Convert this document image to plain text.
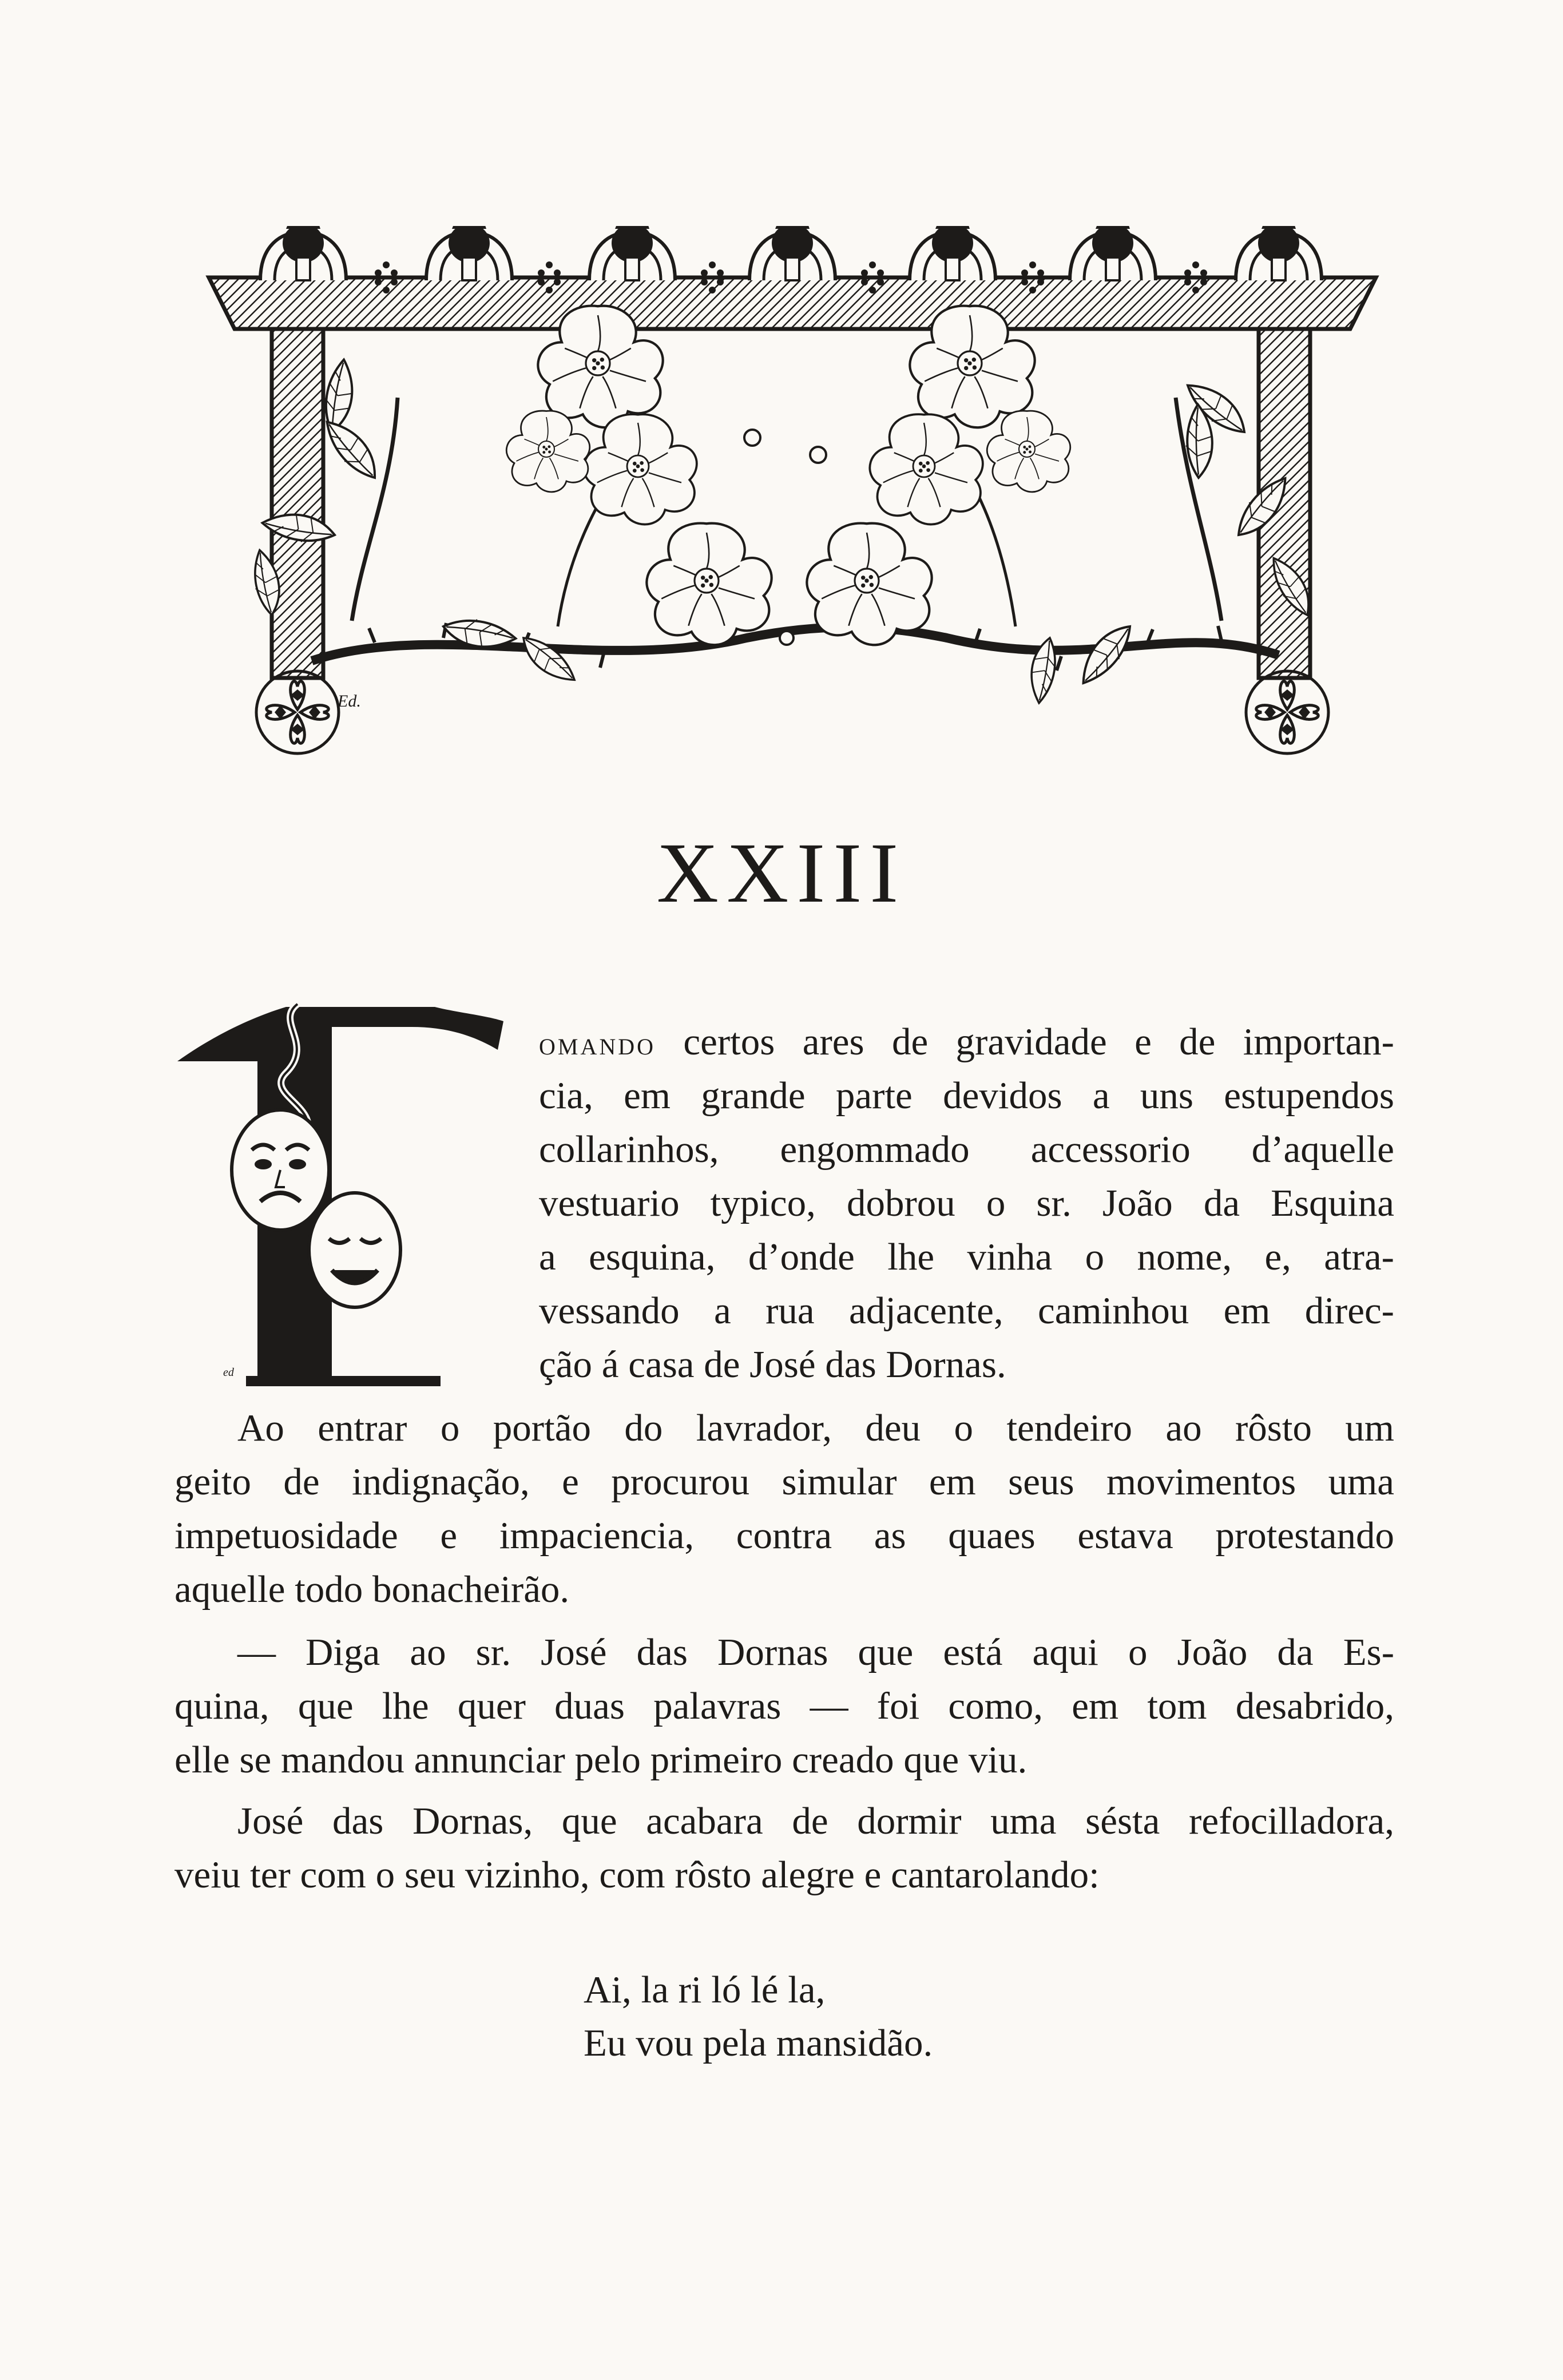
Ed.
XXIII
ed
OMANDO certos ares de gravidade e de importan-
cia, em grande parte devidos a uns estupendos
collarinhos, engommado accessorio d’aquelle
vestuario typico, dobrou o sr. João da Esquina
a esquina, d’onde lhe vinha o nome, e, atra-
vessando a rua adjacente, caminhou em direc-
ção á casa de José das Dornas.
Ao entrar o portão do lavrador, deu o tendeiro ao rôsto um
geito de indignação, e procurou simular em seus movimentos uma
impetuosidade e impaciencia, contra as quaes estava protestando
aquelle todo bonacheirão.
— Diga ao sr. José das Dornas que está aqui o João da Es-
quina, que lhe quer duas palavras — foi como, em tom desabrido,
elle se mandou annunciar pelo primeiro creado que viu.
José das Dornas, que acabara de dormir uma sésta refocilladora,
veiu ter com o seu vizinho, com rôsto alegre e cantarolando:
Ai, la ri ló lé la,
Eu vou pela mansidão.
